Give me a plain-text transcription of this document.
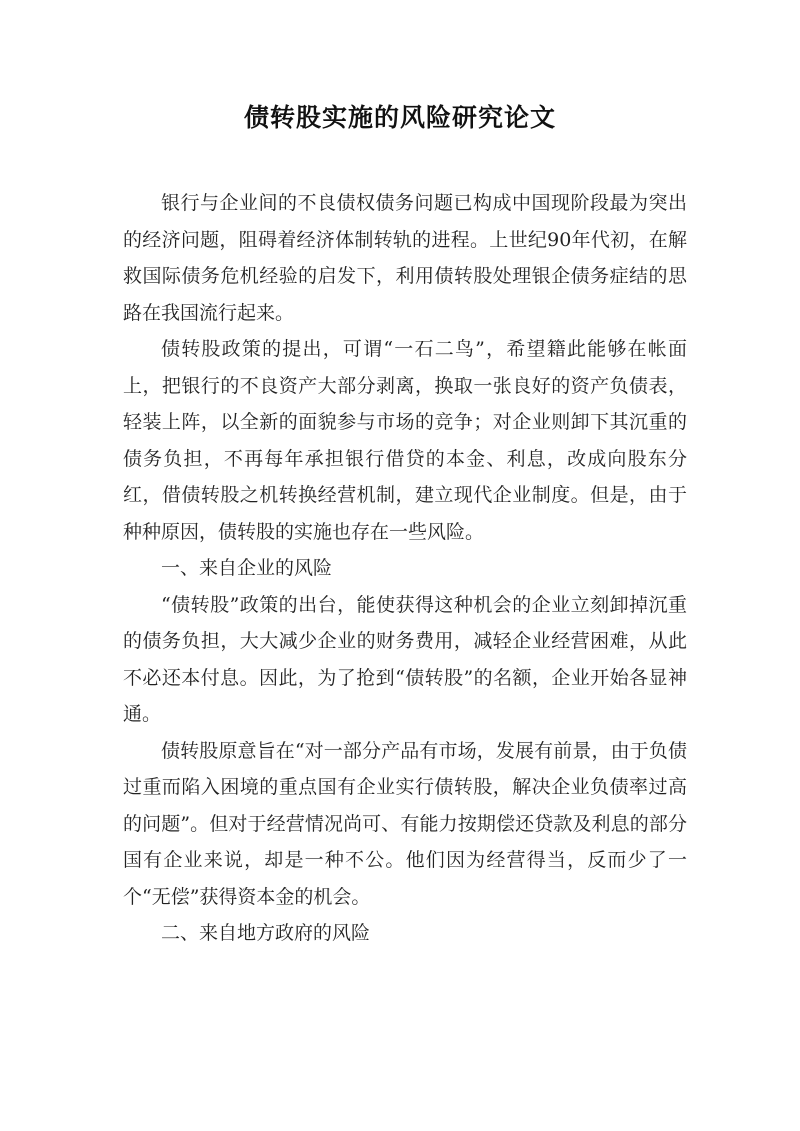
债转股实施的风险研究论文

银行与企业间的不良债权债务问题已构成中国现阶段最为突出的经济问题，阻碍着经济体制转轨的进程。上世纪90年代初，在解救国际债务危机经验的启发下，利用债转股处理银企债务症结的思路在我国流行起来。

债转股政策的提出，可谓“一石二鸟”，希望籍此能够在帐面上，把银行的不良资产大部分剥离，换取一张良好的资产负债表，轻装上阵，以全新的面貌参与市场的竞争；对企业则卸下其沉重的债务负担，不再每年承担银行借贷的本金、利息，改成向股东分红，借债转股之机转换经营机制，建立现代企业制度。但是，由于种种原因，债转股的实施也存在一些风险。

一、来自企业的风险

“债转股”政策的出台，能使获得这种机会的企业立刻卸掉沉重的债务负担，大大减少企业的财务费用，减轻企业经营困难，从此不必还本付息。因此，为了抢到“债转股”的名额，企业开始各显神通。

债转股原意旨在“对一部分产品有市场，发展有前景，由于负债过重而陷入困境的重点国有企业实行债转股，解决企业负债率过高的问题”。但对于经营情况尚可、有能力按期偿还贷款及利息的部分国有企业来说，却是一种不公。他们因为经营得当，反而少了一个“无偿”获得资本金的机会。

二、来自地方政府的风险
